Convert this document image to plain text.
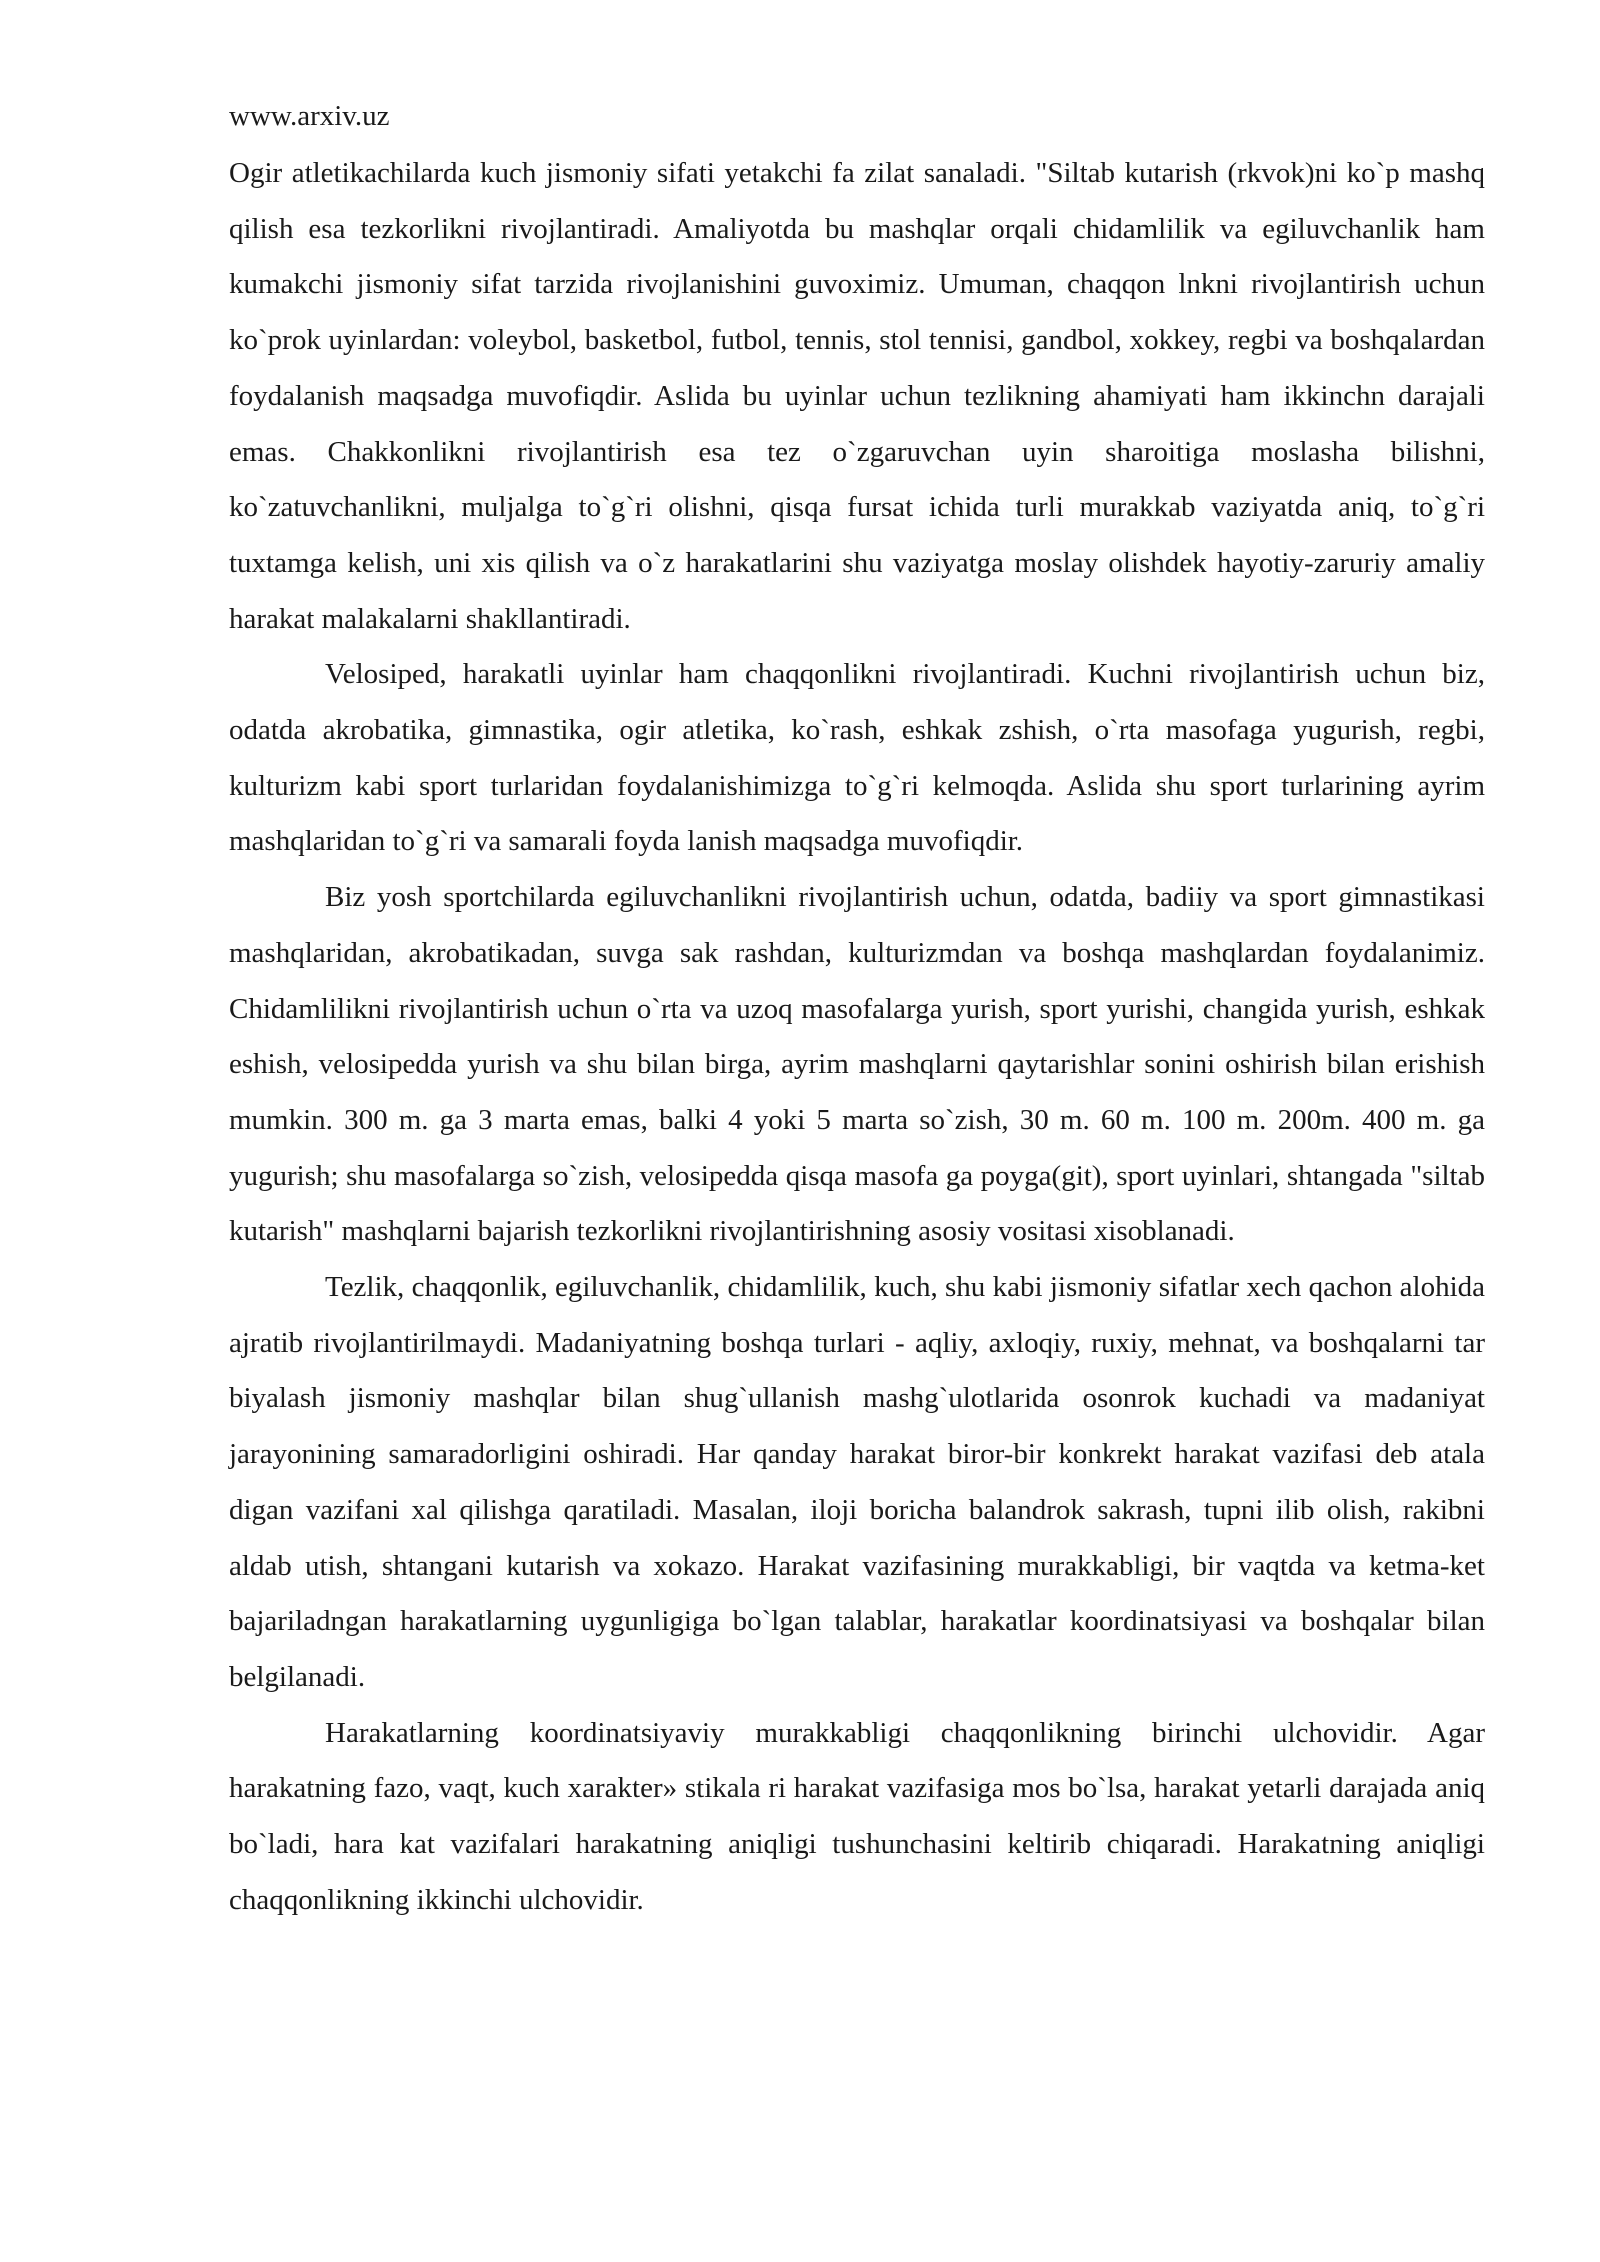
www.arxiv.uz

Ogir atletikachilarda kuch jismoniy sifati yetakchi fa zilat sanaladi. "Siltab kutarish (rkvok)ni ko`p mashq qilish esa tezkorlikni rivojlantiradi. Amaliyotda bu mashqlar orqali chidamlilik va egiluvchanlik ham kumakchi jismoniy sifat tarzida rivojlanishini guvoximiz. Umuman, chaqqon lnkni rivojlantirish uchun ko`prok uyinlardan: voleybol, basketbol, futbol, tennis, stol tennisi, gandbol, xokkey, regbi va boshqalardan foydalanish maqsadga muvofiqdir. Aslida bu uyinlar uchun tezlikning ahamiyati ham ikkinchn darajali emas. Chakkonlikni rivojlantirish esa tez o`zgaruvchan uyin sharoitiga moslasha bilishni, ko`zatuvchanlikni, muljalga to`g`ri olishni, qisqa fursat ichida turli murakkab vaziyatda aniq, to`g`ri tuxtamga kelish, uni xis qilish va o`z harakatlarini shu vaziyatga moslay olishdek hayotiy-zaruriy amaliy harakat malakalarni shakllantiradi.

Velosiped, harakatli uyinlar ham chaqqonlikni rivojlantiradi. Kuchni rivojlantirish uchun biz, odatda akrobatika, gimnastika, ogir atletika, ko`rash, eshkak zshish, o`rta masofaga yugurish, regbi, kulturizm kabi sport turlaridan foydalanishimizga to`g`ri kelmoqda. Aslida shu sport turlarining ayrim mashqlaridan to`g`ri va samarali foyda lanish maqsadga muvofiqdir.

Biz yosh sportchilarda egiluvchanlikni rivojlantirish uchun, odatda, badiiy va sport gimnastikasi mashqlaridan, akrobatikadan, suvga sak rashdan, kulturizmdan va boshqa mashqlardan foydalanimiz. Chidamlilikni rivojlantirish uchun o`rta va uzoq masofalarga yurish, sport yurishi, changida yurish, eshkak eshish, velosipedda yurish va shu bilan birga, ayrim mashqlarni qaytarishlar sonini oshirish bilan erishish mumkin. 300 m. ga 3 marta emas, balki 4 yoki 5 marta so`zish, 30 m. 60 m. 100 m. 200m. 400 m. ga yugurish; shu masofalarga so`zish, velosipedda qisqa masofa ga poyga(git), sport uyinlari, shtangada "siltab kutarish" mashqlarni bajarish tezkorlikni rivojlantirishning asosiy vositasi xisoblanadi.

Tezlik, chaqqonlik, egiluvchanlik, chidamlilik, kuch, shu kabi jismoniy sifatlar xech qachon alohida ajratib rivojlantirilmaydi. Madaniyatning boshqa turlari - aqliy, axloqiy, ruxiy, mehnat, va boshqalarni tar biyalash jismoniy mashqlar bilan shug`ullanish mashg`ulotlarida osonrok kuchadi va madaniyat jarayonining samaradorligini oshiradi. Har qanday harakat biror-bir konkrekt harakat vazifasi deb atala digan vazifani xal qilishga qaratiladi. Masalan, iloji boricha balandrok sakrash, tupni ilib olish, rakibni aldab utish, shtangani kutarish va xokazo. Harakat vazifasining murakkabligi, bir vaqtda va ketma-ket bajariladngan harakatlarning uygunligiga bo`lgan talablar, harakatlar koordinatsiyasi va boshqalar bilan belgilanadi.

Harakatlarning koordinatsiyaviy murakkabligi chaqqonlikning birinchi ulchovidir. Agar harakatning fazo, vaqt, kuch xarakter» stikala ri harakat vazifasiga mos bo`lsa, harakat yetarli darajada aniq bo`ladi, hara kat vazifalari harakatning aniqligi tushunchasini keltirib chiqaradi. Harakatning aniqligi chaqqonlikning ikkinchi ulchovidir.
